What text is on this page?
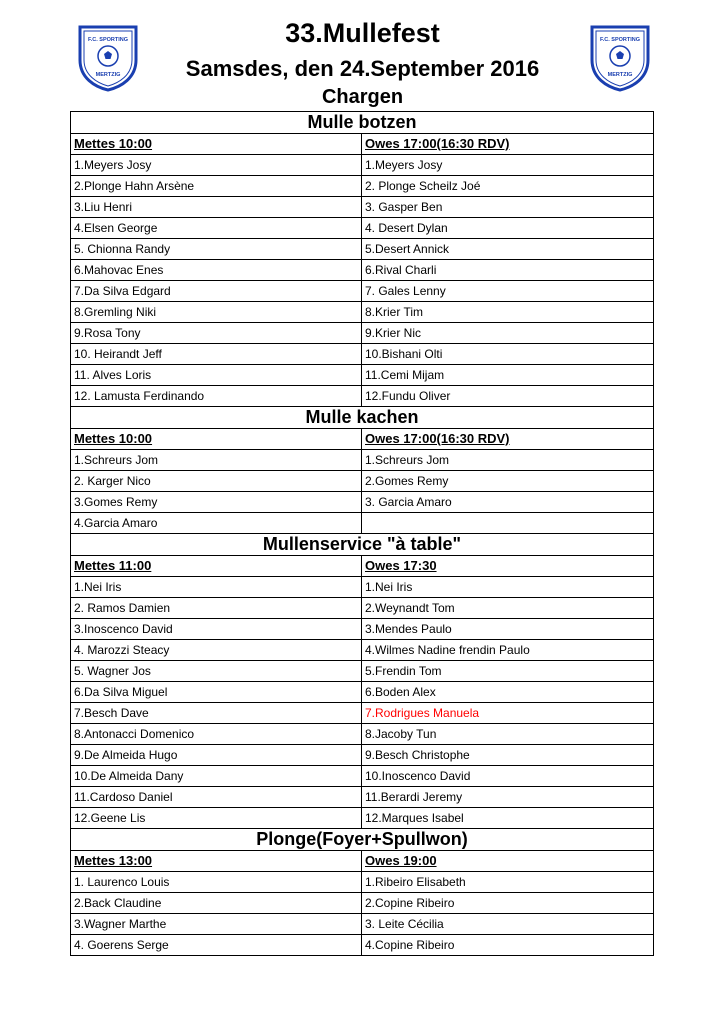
F.C. SPORTING
MERTZIG
F.C. SPORTING
MERTZIG
33.Mullefest
Samsdes, den 24.September 2016
Chargen
Mulle botzen	
Mettes 10:00	Owes 17:00(16:30 RDV)
1.Meyers Josy	1.Meyers Josy
2.Plonge Hahn Arsène	2. Plonge Scheilz Joé
3.Liu Henri	3. Gasper Ben
4.Elsen George	4. Desert Dylan
5. Chionna Randy	5.Desert Annick
6.Mahovac Enes	6.Rival Charli
7.Da Silva Edgard	7. Gales Lenny
8.Gremling Niki	8.Krier Tim
9.Rosa Tony	9.Krier Nic
10. Heirandt Jeff	10.Bishani Olti
11. Alves Loris	11.Cemi Mijam
12. Lamusta Ferdinando	12.Fundu Oliver
Mulle kachen	
Mettes 10:00	Owes 17:00(16:30 RDV)
1.Schreurs Jom	1.Schreurs Jom
2. Karger Nico	2.Gomes Remy
3.Gomes Remy	3. Garcia Amaro
4.Garcia Amaro	
Mullenservice "à table"	
Mettes 11:00	Owes 17:30
1.Nei Iris	1.Nei Iris
2. Ramos Damien	2.Weynandt Tom
3.Inoscenco David	3.Mendes Paulo
4. Marozzi Steacy	4.Wilmes Nadine frendin Paulo
5. Wagner Jos	5.Frendin Tom
6.Da Silva Miguel	6.Boden Alex
7.Besch Dave	7.Rodrigues Manuela
8.Antonacci Domenico	8.Jacoby Tun
9.De Almeida Hugo	9.Besch Christophe
10.De Almeida Dany	10.Inoscenco David
11.Cardoso Daniel	11.Berardi Jeremy
12.Geene Lis	12.Marques Isabel
Plonge(Foyer+Spullwon)	
Mettes 13:00	Owes 19:00
1. Laurenco Louis	1.Ribeiro Elisabeth
2.Back Claudine	2.Copine Ribeiro
3.Wagner Marthe	3. Leite Cécilia
4. Goerens Serge	4.Copine Ribeiro
